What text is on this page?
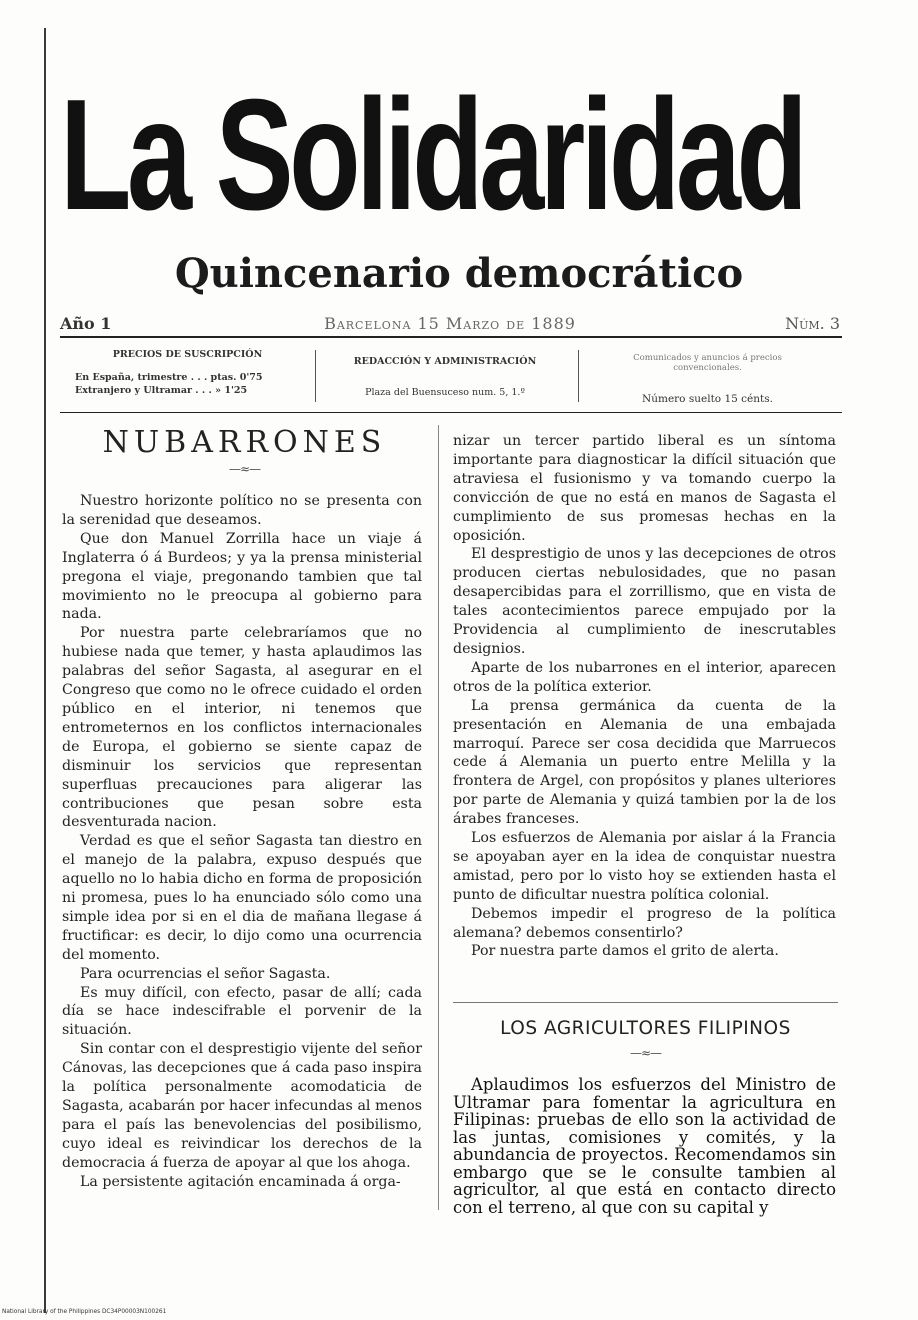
La Solidaridad
Quincenario democrático
Año 1	Barcelona 15 Marzo de 1889	Núm. 3
PRECIOS DE SUSCRIPCIÓN
En España, trimestre . . . ptas. 0'75
Extranjero y Ultramar . . . » 1'25
REDACCIÓN Y ADMINISTRACIÓN
Plaza del Buensuceso num. 5, 1.º
Comunicados y anuncios á precios convencionales.
Número suelto 15 cénts.
NUBARRONES
—≈—

Nuestro horizonte político no se presenta con la serenidad que deseamos.

Que don Manuel Zorrilla hace un viaje á Inglaterra ó á Burdeos; y ya la prensa ministerial pregona el viaje, pregonando tambien que tal movimiento no le preocupa al gobierno para nada.

Por nuestra parte celebraríamos que no hubiese nada que temer, y hasta aplaudimos las palabras del señor Sagasta, al asegurar en el Congreso que como no le ofrece cuidado el orden público en el interior, ni tenemos que entrometernos en los conflictos internacionales de Europa, el gobierno se siente capaz de disminuir los servicios que representan superfluas precauciones para aligerar las contribuciones que pesan sobre esta desventurada nacion.

Verdad es que el señor Sagasta tan diestro en el manejo de la palabra, expuso después que aquello no lo habia dicho en forma de proposición ni promesa, pues lo ha enunciado sólo como una simple idea por si en el dia de mañana llegase á fructificar: es decir, lo dijo como una ocurrencia del momento.

Para ocurrencias el señor Sagasta.

Es muy difícil, con efecto, pasar de allí; cada día se hace indescifrable el porvenir de la situación.

Sin contar con el desprestigio vijente del señor Cánovas, las decepciones que á cada paso inspira la política personalmente acomodaticia de Sagasta, acabarán por hacer infecundas al menos para el país las benevolencias del posibilismo, cuyo ideal es reivindicar los derechos de la democracia á fuerza de apoyar al que los ahoga.

La persistente agitación encaminada á orga-

nizar un tercer partido liberal es un síntoma importante para diagnosticar la difícil situación que atraviesa el fusionismo y va tomando cuerpo la convicción de que no está en manos de Sagasta el cumplimiento de sus promesas hechas en la oposición.

El desprestigio de unos y las decepciones de otros producen ciertas nebulosidades, que no pasan desapercibidas para el zorrillismo, que en vista de tales acontecimientos parece empujado por la Providencia al cumplimiento de inescrutables designios.

Aparte de los nubarrones en el interior, aparecen otros de la política exterior.

La prensa germánica da cuenta de la presentación en Alemania de una embajada marroquí. Parece ser cosa decidida que Marruecos cede á Alemania un puerto entre Melilla y la frontera de Argel, con propósitos y planes ulteriores por parte de Alemania y quizá tambien por la de los árabes franceses.

Los esfuerzos de Alemania por aislar á la Francia se apoyaban ayer en la idea de conquistar nuestra amistad, pero por lo visto hoy se extienden hasta el punto de dificultar nuestra política colonial.

Debemos impedir el progreso de la política alemana? debemos consentirlo?

Por nuestra parte damos el grito de alerta.

LOS AGRICULTORES FILIPINOS
—≈—

Aplaudimos los esfuerzos del Ministro de Ultramar para fomentar la agricultura en Filipinas: pruebas de ello son la actividad de las juntas, comisiones y comités, y la abundancia de proyectos. Recomendamos sin embargo que se le consulte tambien al agricultor, al que está en contacto directo con el terreno, al que con su capital y

National Library of the Philippines DC34P00003N100261
